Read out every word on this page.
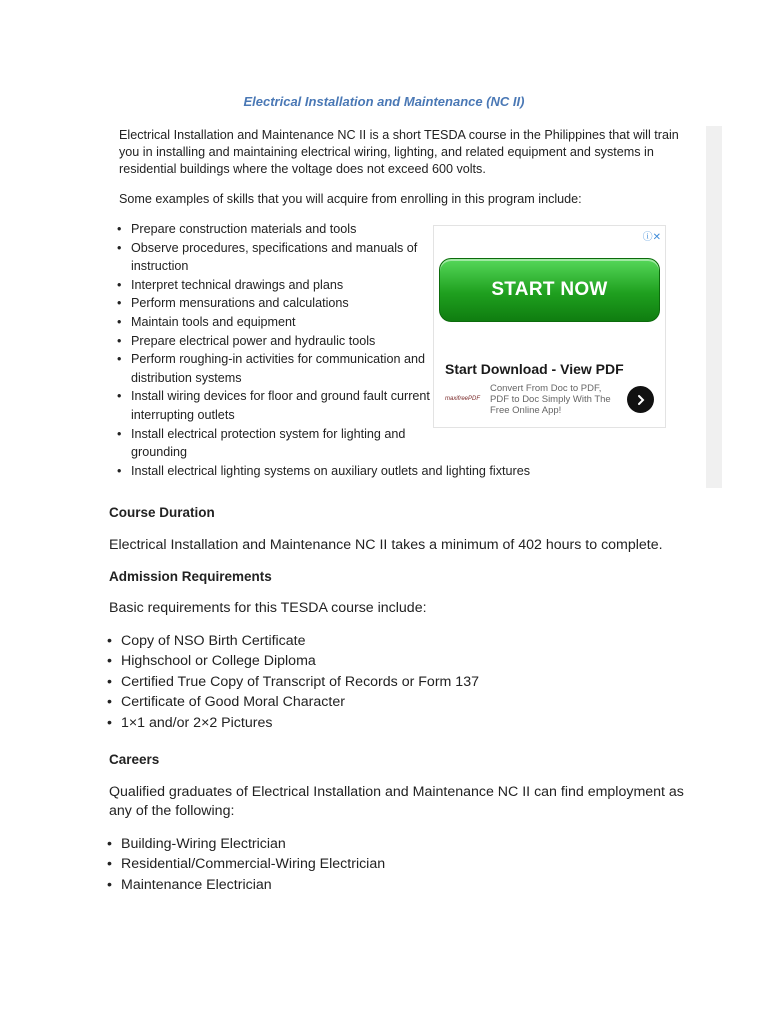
Electrical Installation and Maintenance (NC II)
Electrical Installation and Maintenance NC II is a short TESDA course in the Philippines that will train you in installing and maintaining electrical wiring, lighting, and related equipment and systems in residential buildings where the voltage does not exceed 600 volts.
Some examples of skills that you will acquire from enrolling in this program include:
• Prepare construction materials and tools
• Observe procedures, specifications and manuals of instruction
• Interpret technical drawings and plans
• Perform mensurations and calculations
• Maintain tools and equipment
• Prepare electrical power and hydraulic tools
• Perform roughing-in activities for communication and distribution systems
• Install wiring devices for floor and ground fault current interrupting outlets
• Install electrical protection system for lighting and grounding
• Install electrical lighting systems on auxiliary outlets and lighting fixtures
ⓘ✕
START NOW
Start Download - View PDF
maxifreePDF
Convert From Doc to PDF, PDF to Doc Simply With The Free Online App!
Course Duration
Electrical Installation and Maintenance NC II takes a minimum of 402 hours to complete.
Admission Requirements
Basic requirements for this TESDA course include:
• Copy of NSO Birth Certificate
• Highschool or College Diploma
• Certified True Copy of Transcript of Records or Form 137
• Certificate of Good Moral Character
• 1×1 and/or 2×2 Pictures
Careers
Qualified graduates of Electrical Installation and Maintenance NC II can find employment as any of the following:
• Building-Wiring Electrician
• Residential/Commercial-Wiring Electrician
• Maintenance Electrician
